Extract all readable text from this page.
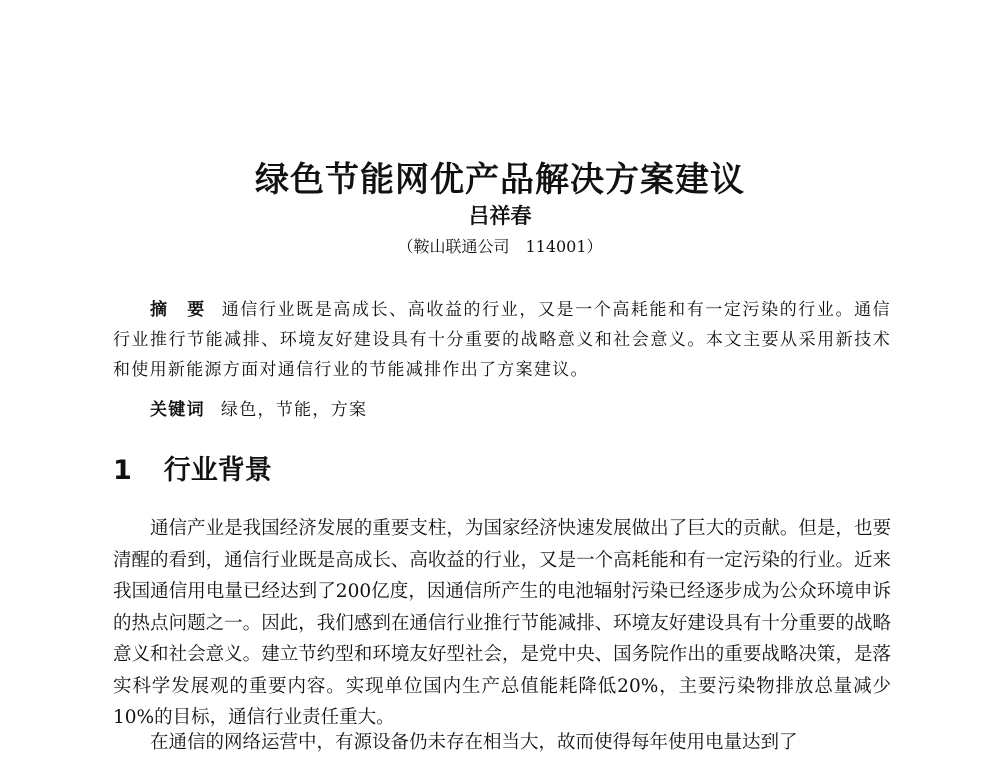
绿色节能网优产品解决方案建议

吕祥春

（鞍山联通公司　114001）

摘　要 通信行业既是高成长、高收益的行业，又是一个高耗能和有一定污染的行业。通信行业推行节能减排、环境友好建设具有十分重要的战略意义和社会意义。本文主要从采用新技术和使用新能源方面对通信行业的节能减排作出了方案建议。

关键词 绿色，节能，方案

1 行业背景

通信产业是我国经济发展的重要支柱，为国家经济快速发展做出了巨大的贡献。但是，也要清醒的看到，通信行业既是高成长、高收益的行业，又是一个高耗能和有一定污染的行业。近来我国通信用电量已经达到了200亿度，因通信所产生的电池辐射污染已经逐步成为公众环境申诉的热点问题之一。因此，我们感到在通信行业推行节能减排、环境友好建设具有十分重要的战略意义和社会意义。建立节约型和环境友好型社会，是党中央、国务院作出的重要战略决策，是落实科学发展观的重要内容。实现单位国内生产总值能耗降低20%，主要污染物排放总量减少10%的目标，通信行业责任重大。

在通信的网络运营中，有源设备仍未存在相当大，故而使得每年使用电量达到了
